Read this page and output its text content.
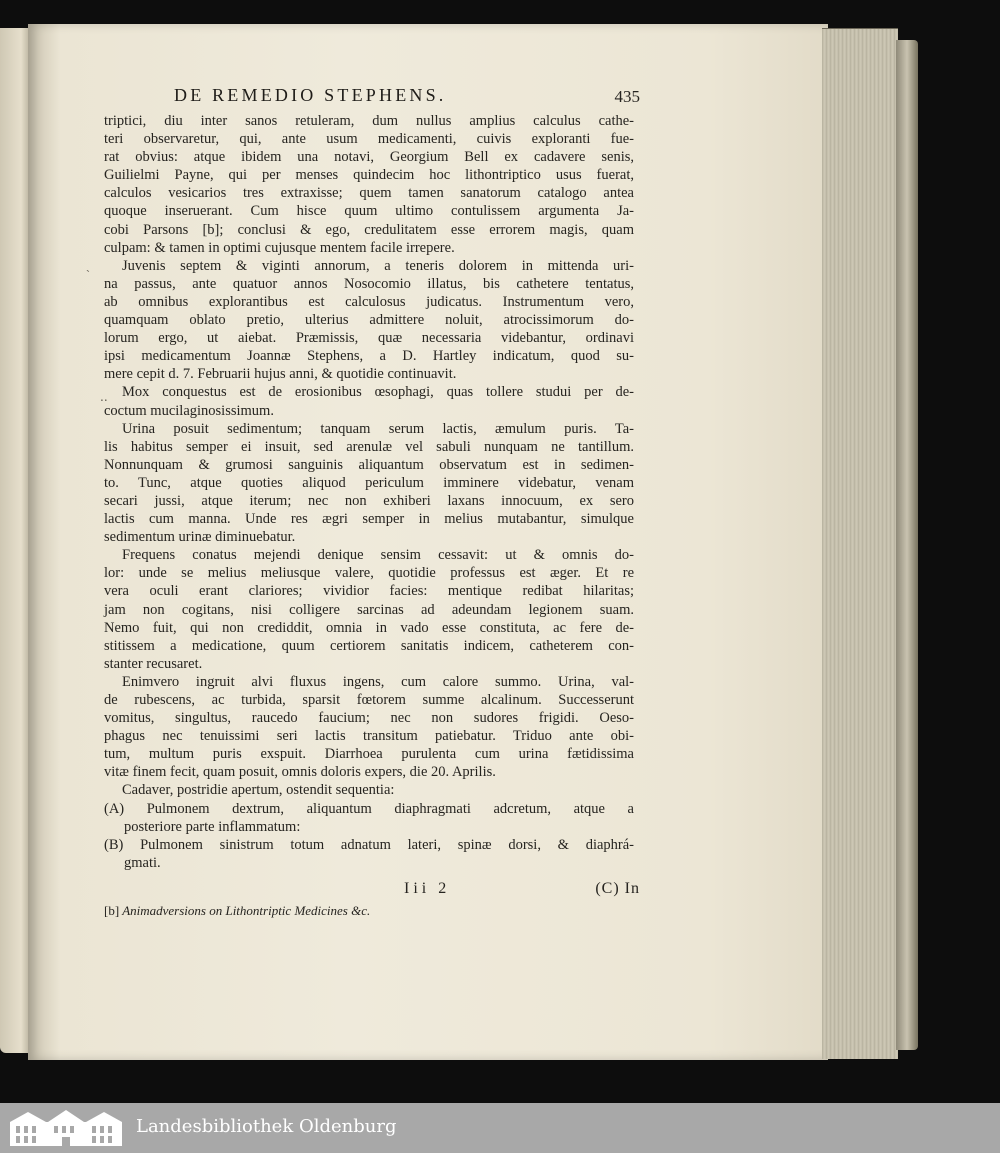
˴
..
DE REMEDIO STEPHENS.	435
triptici, diu inter sanos retuleram, dum nullus amplius calculus cathe-
teri observaretur, qui, ante usum medicamenti, cuivis exploranti fue-
rat obvius: atque ibidem una notavi, Georgium Bell ex cadavere senis,
Guilielmi Payne, qui per menses quindecim hoc lithontriptico usus fuerat,
calculos vesicarios tres extraxisse; quem tamen sanatorum catalogo antea
quoque inseruerant. Cum hisce quum ultimo contulissem argumenta Ja-
cobi Parsons [b]; conclusi & ego, credulitatem esse errorem magis, quam
culpam: & tamen in optimi cujusque mentem facile irrepere.
Juvenis septem & viginti annorum, a teneris dolorem in mittenda uri-
na passus, ante quatuor annos Nosocomio illatus, bis cathetere tentatus,
ab omnibus explorantibus est calculosus judicatus. Instrumentum vero,
quamquam oblato pretio, ulterius admittere noluit, atrocissimorum do-
lorum ergo, ut aiebat. Præmissis, quæ necessaria videbantur, ordinavi
ipsi medicamentum Joannæ Stephens, a D. Hartley indicatum, quod su-
mere cepit d. 7. Februarii hujus anni, & quotidie continuavit.
Mox conquestus est de erosionibus œsophagi, quas tollere studui per de-
coctum mucilaginosissimum.
Urina posuit sedimentum; tanquam serum lactis, æmulum puris. Ta-
lis habitus semper ei insuit, sed arenulæ vel sabuli nunquam ne tantillum.
Nonnunquam & grumosi sanguinis aliquantum observatum est in sedimen-
to. Tunc, atque quoties aliquod periculum imminere videbatur, venam
secari jussi, atque iterum; nec non exhiberi laxans innocuum, ex sero
lactis cum manna. Unde res ægri semper in melius mutabantur, simulque
sedimentum urinæ diminuebatur.
Frequens conatus mejendi denique sensim cessavit: ut & omnis do-
lor: unde se melius meliusque valere, quotidie professus est æger. Et re
vera oculi erant clariores; vividior facies: mentique redibat hilaritas;
jam non cogitans, nisi colligere sarcinas ad adeundam legionem suam.
Nemo fuit, qui non crediddit, omnia in vado esse constituta, ac fere de-
stitissem a medicatione, quum certiorem sanitatis indicem, catheterem con-
stanter recusaret.
Enimvero ingruit alvi fluxus ingens, cum calore summo. Urina, val-
de rubescens, ac turbida, sparsit fœtorem summe alcalinum. Successerunt
vomitus, singultus, raucedo faucium; nec non sudores frigidi. Oeso-
phagus nec tenuissimi seri lactis transitum patiebatur. Triduo ante obi-
tum, multum puris exspuit. Diarrhoea purulenta cum urina fætidissima
vitæ finem fecit, quam posuit, omnis doloris expers, die 20. Aprilis.
Cadaver, postridie apertum, ostendit sequentia:
(A) Pulmonem dextrum, aliquantum diaphragmati adcretum, atque a
posteriore parte inflammatum:
(B) Pulmonem sinistrum totum adnatum lateri, spinæ dorsi, & diaphrá-
gmati.
Iii 2	(C) In
[b] Animadversions on Lithontriptic Medicines &c.
Landesbibliothek Oldenburg
